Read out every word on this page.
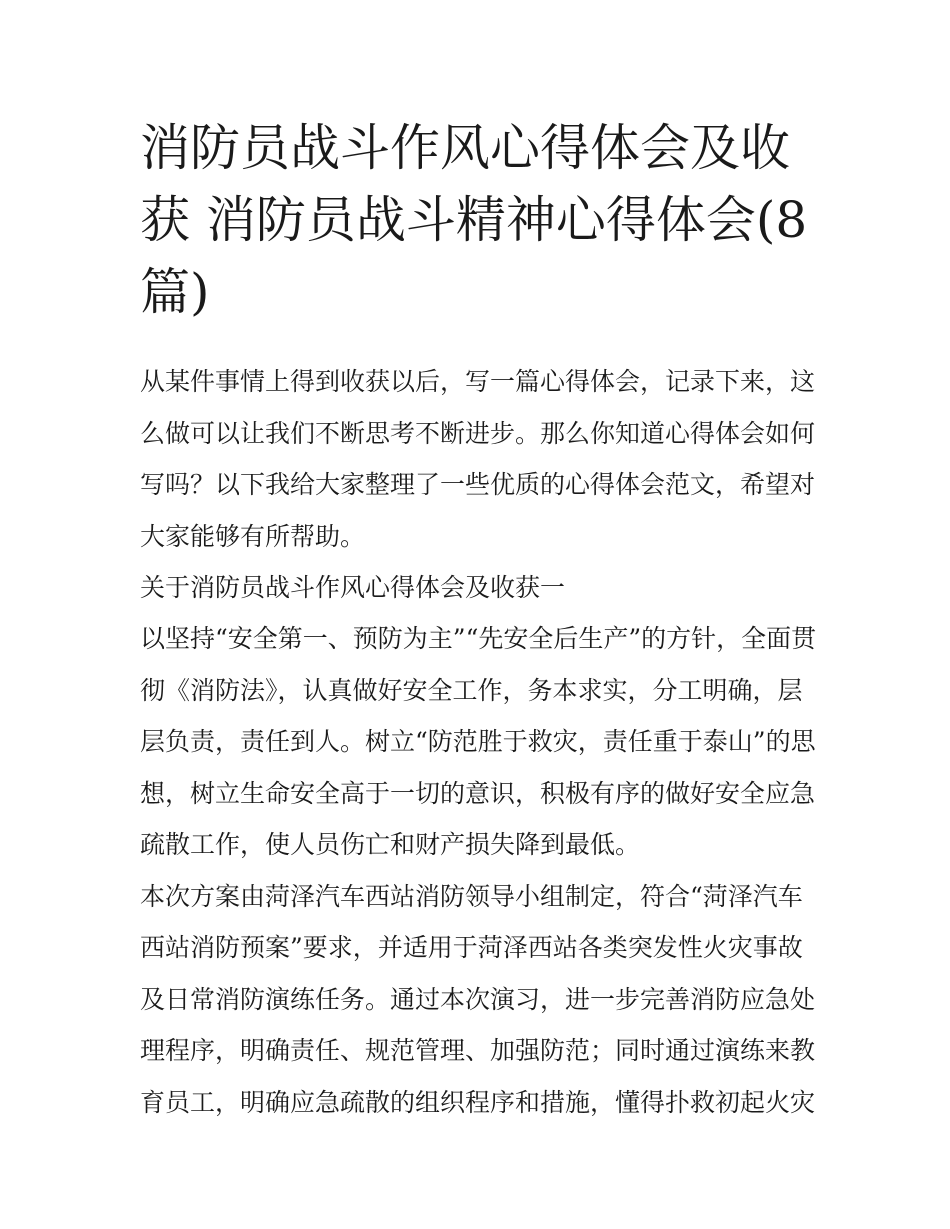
消防员战斗作风心得体会及收
获 消防员战斗精神心得体会(8
篇)
从某件事情上得到收获以后，写一篇心得体会，记录下来，这
么做可以让我们不断思考不断进步。那么你知道心得体会如何
写吗？以下我给大家整理了一些优质的心得体会范文，希望对
大家能够有所帮助。
关于消防员战斗作风心得体会及收获一
以坚持“安全第一、预防为主”“先安全后生产”的方针，全面贯
彻《消防法》，认真做好安全工作，务本求实，分工明确，层
层负责，责任到人。树立“防范胜于救灾，责任重于泰山”的思
想，树立生命安全高于一切的意识，积极有序的做好安全应急
疏散工作，使人员伤亡和财产损失降到最低。
本次方案由菏泽汽车西站消防领导小组制定，符合“菏泽汽车
西站消防预案”要求，并适用于菏泽西站各类突发性火灾事故
及日常消防演练任务。通过本次演习，进一步完善消防应急处
理程序，明确责任、规范管理、加强防范；同时通过演练来教
育员工，明确应急疏散的组织程序和措施，懂得扑救初起火灾
